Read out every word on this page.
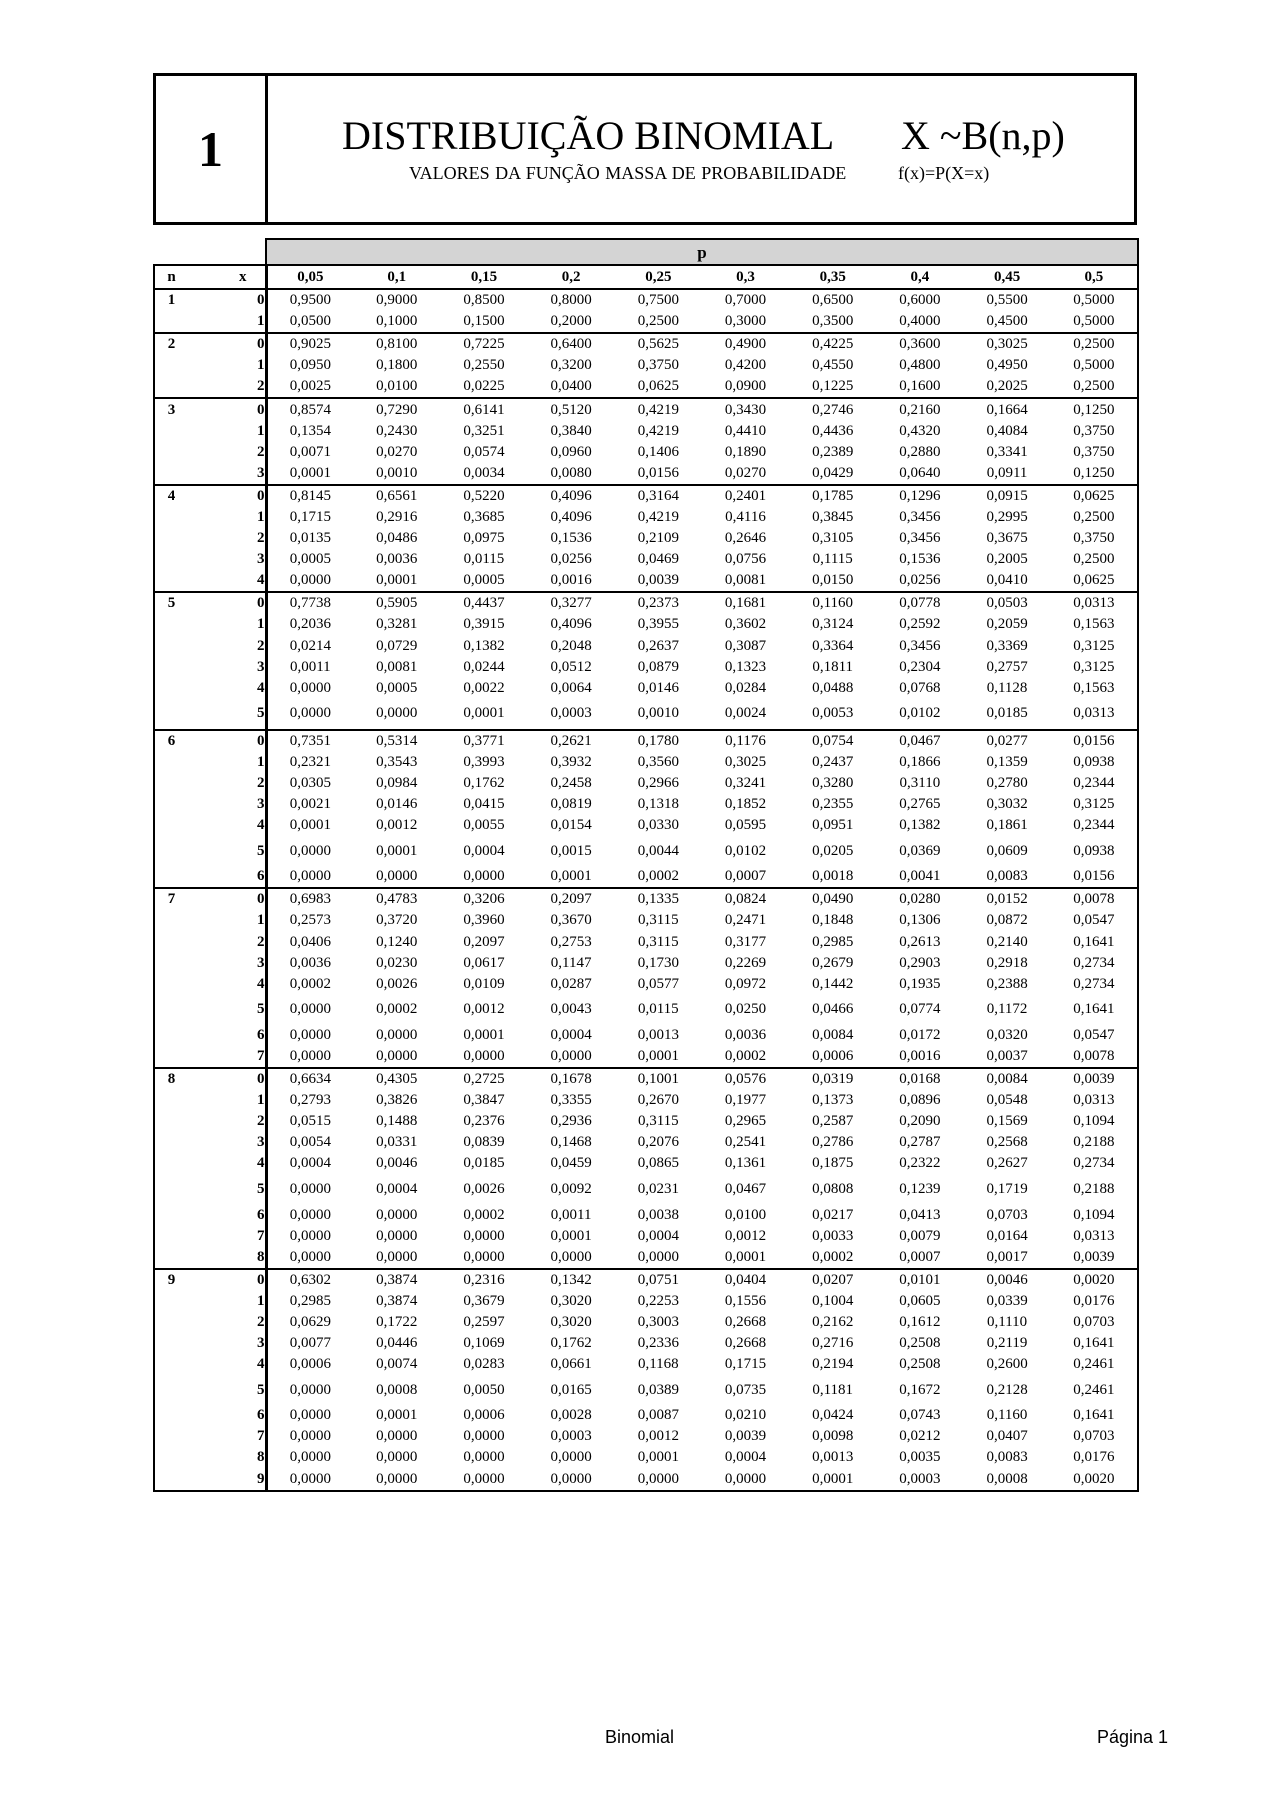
1	DISTRIBUIÇÃO BINOMIAL X ~B(n,p)
VALORES DA FUNÇÃO MASSA DE PROBABILIDADE	f(x)=P(X=x)
		p									
n	x	0,05	0,1	0,15	0,2	0,25	0,3	0,35	0,4	0,45	0,5
1	0	0,9500	0,9000	0,8500	0,8000	0,7500	0,7000	0,6500	0,6000	0,5500	0,5000
	1	0,0500	0,1000	0,1500	0,2000	0,2500	0,3000	0,3500	0,4000	0,4500	0,5000
2	0	0,9025	0,8100	0,7225	0,6400	0,5625	0,4900	0,4225	0,3600	0,3025	0,2500
	1	0,0950	0,1800	0,2550	0,3200	0,3750	0,4200	0,4550	0,4800	0,4950	0,5000
	2	0,0025	0,0100	0,0225	0,0400	0,0625	0,0900	0,1225	0,1600	0,2025	0,2500
3	0	0,8574	0,7290	0,6141	0,5120	0,4219	0,3430	0,2746	0,2160	0,1664	0,1250
	1	0,1354	0,2430	0,3251	0,3840	0,4219	0,4410	0,4436	0,4320	0,4084	0,3750
	2	0,0071	0,0270	0,0574	0,0960	0,1406	0,1890	0,2389	0,2880	0,3341	0,3750
	3	0,0001	0,0010	0,0034	0,0080	0,0156	0,0270	0,0429	0,0640	0,0911	0,1250
4	0	0,8145	0,6561	0,5220	0,4096	0,3164	0,2401	0,1785	0,1296	0,0915	0,0625
	1	0,1715	0,2916	0,3685	0,4096	0,4219	0,4116	0,3845	0,3456	0,2995	0,2500
	2	0,0135	0,0486	0,0975	0,1536	0,2109	0,2646	0,3105	0,3456	0,3675	0,3750
	3	0,0005	0,0036	0,0115	0,0256	0,0469	0,0756	0,1115	0,1536	0,2005	0,2500
	4	0,0000	0,0001	0,0005	0,0016	0,0039	0,0081	0,0150	0,0256	0,0410	0,0625
5	0	0,7738	0,5905	0,4437	0,3277	0,2373	0,1681	0,1160	0,0778	0,0503	0,0313
	1	0,2036	0,3281	0,3915	0,4096	0,3955	0,3602	0,3124	0,2592	0,2059	0,1563
	2	0,0214	0,0729	0,1382	0,2048	0,2637	0,3087	0,3364	0,3456	0,3369	0,3125
	3	0,0011	0,0081	0,0244	0,0512	0,0879	0,1323	0,1811	0,2304	0,2757	0,3125
	4	0,0000	0,0005	0,0022	0,0064	0,0146	0,0284	0,0488	0,0768	0,1128	0,1563
	5	0,0000	0,0000	0,0001	0,0003	0,0010	0,0024	0,0053	0,0102	0,0185	0,0313
6	0	0,7351	0,5314	0,3771	0,2621	0,1780	0,1176	0,0754	0,0467	0,0277	0,0156
	1	0,2321	0,3543	0,3993	0,3932	0,3560	0,3025	0,2437	0,1866	0,1359	0,0938
	2	0,0305	0,0984	0,1762	0,2458	0,2966	0,3241	0,3280	0,3110	0,2780	0,2344
	3	0,0021	0,0146	0,0415	0,0819	0,1318	0,1852	0,2355	0,2765	0,3032	0,3125
	4	0,0001	0,0012	0,0055	0,0154	0,0330	0,0595	0,0951	0,1382	0,1861	0,2344
	5	0,0000	0,0001	0,0004	0,0015	0,0044	0,0102	0,0205	0,0369	0,0609	0,0938
	6	0,0000	0,0000	0,0000	0,0001	0,0002	0,0007	0,0018	0,0041	0,0083	0,0156
7	0	0,6983	0,4783	0,3206	0,2097	0,1335	0,0824	0,0490	0,0280	0,0152	0,0078
	1	0,2573	0,3720	0,3960	0,3670	0,3115	0,2471	0,1848	0,1306	0,0872	0,0547
	2	0,0406	0,1240	0,2097	0,2753	0,3115	0,3177	0,2985	0,2613	0,2140	0,1641
	3	0,0036	0,0230	0,0617	0,1147	0,1730	0,2269	0,2679	0,2903	0,2918	0,2734
	4	0,0002	0,0026	0,0109	0,0287	0,0577	0,0972	0,1442	0,1935	0,2388	0,2734
	5	0,0000	0,0002	0,0012	0,0043	0,0115	0,0250	0,0466	0,0774	0,1172	0,1641
	6	0,0000	0,0000	0,0001	0,0004	0,0013	0,0036	0,0084	0,0172	0,0320	0,0547
	7	0,0000	0,0000	0,0000	0,0000	0,0001	0,0002	0,0006	0,0016	0,0037	0,0078
8	0	0,6634	0,4305	0,2725	0,1678	0,1001	0,0576	0,0319	0,0168	0,0084	0,0039
	1	0,2793	0,3826	0,3847	0,3355	0,2670	0,1977	0,1373	0,0896	0,0548	0,0313
	2	0,0515	0,1488	0,2376	0,2936	0,3115	0,2965	0,2587	0,2090	0,1569	0,1094
	3	0,0054	0,0331	0,0839	0,1468	0,2076	0,2541	0,2786	0,2787	0,2568	0,2188
	4	0,0004	0,0046	0,0185	0,0459	0,0865	0,1361	0,1875	0,2322	0,2627	0,2734
	5	0,0000	0,0004	0,0026	0,0092	0,0231	0,0467	0,0808	0,1239	0,1719	0,2188
	6	0,0000	0,0000	0,0002	0,0011	0,0038	0,0100	0,0217	0,0413	0,0703	0,1094
	7	0,0000	0,0000	0,0000	0,0001	0,0004	0,0012	0,0033	0,0079	0,0164	0,0313
	8	0,0000	0,0000	0,0000	0,0000	0,0000	0,0001	0,0002	0,0007	0,0017	0,0039
9	0	0,6302	0,3874	0,2316	0,1342	0,0751	0,0404	0,0207	0,0101	0,0046	0,0020
	1	0,2985	0,3874	0,3679	0,3020	0,2253	0,1556	0,1004	0,0605	0,0339	0,0176
	2	0,0629	0,1722	0,2597	0,3020	0,3003	0,2668	0,2162	0,1612	0,1110	0,0703
	3	0,0077	0,0446	0,1069	0,1762	0,2336	0,2668	0,2716	0,2508	0,2119	0,1641
	4	0,0006	0,0074	0,0283	0,0661	0,1168	0,1715	0,2194	0,2508	0,2600	0,2461
	5	0,0000	0,0008	0,0050	0,0165	0,0389	0,0735	0,1181	0,1672	0,2128	0,2461
	6	0,0000	0,0001	0,0006	0,0028	0,0087	0,0210	0,0424	0,0743	0,1160	0,1641
	7	0,0000	0,0000	0,0000	0,0003	0,0012	0,0039	0,0098	0,0212	0,0407	0,0703
	8	0,0000	0,0000	0,0000	0,0000	0,0001	0,0004	0,0013	0,0035	0,0083	0,0176
	9	0,0000	0,0000	0,0000	0,0000	0,0000	0,0000	0,0001	0,0003	0,0008	0,0020
Binomial	Página 1
